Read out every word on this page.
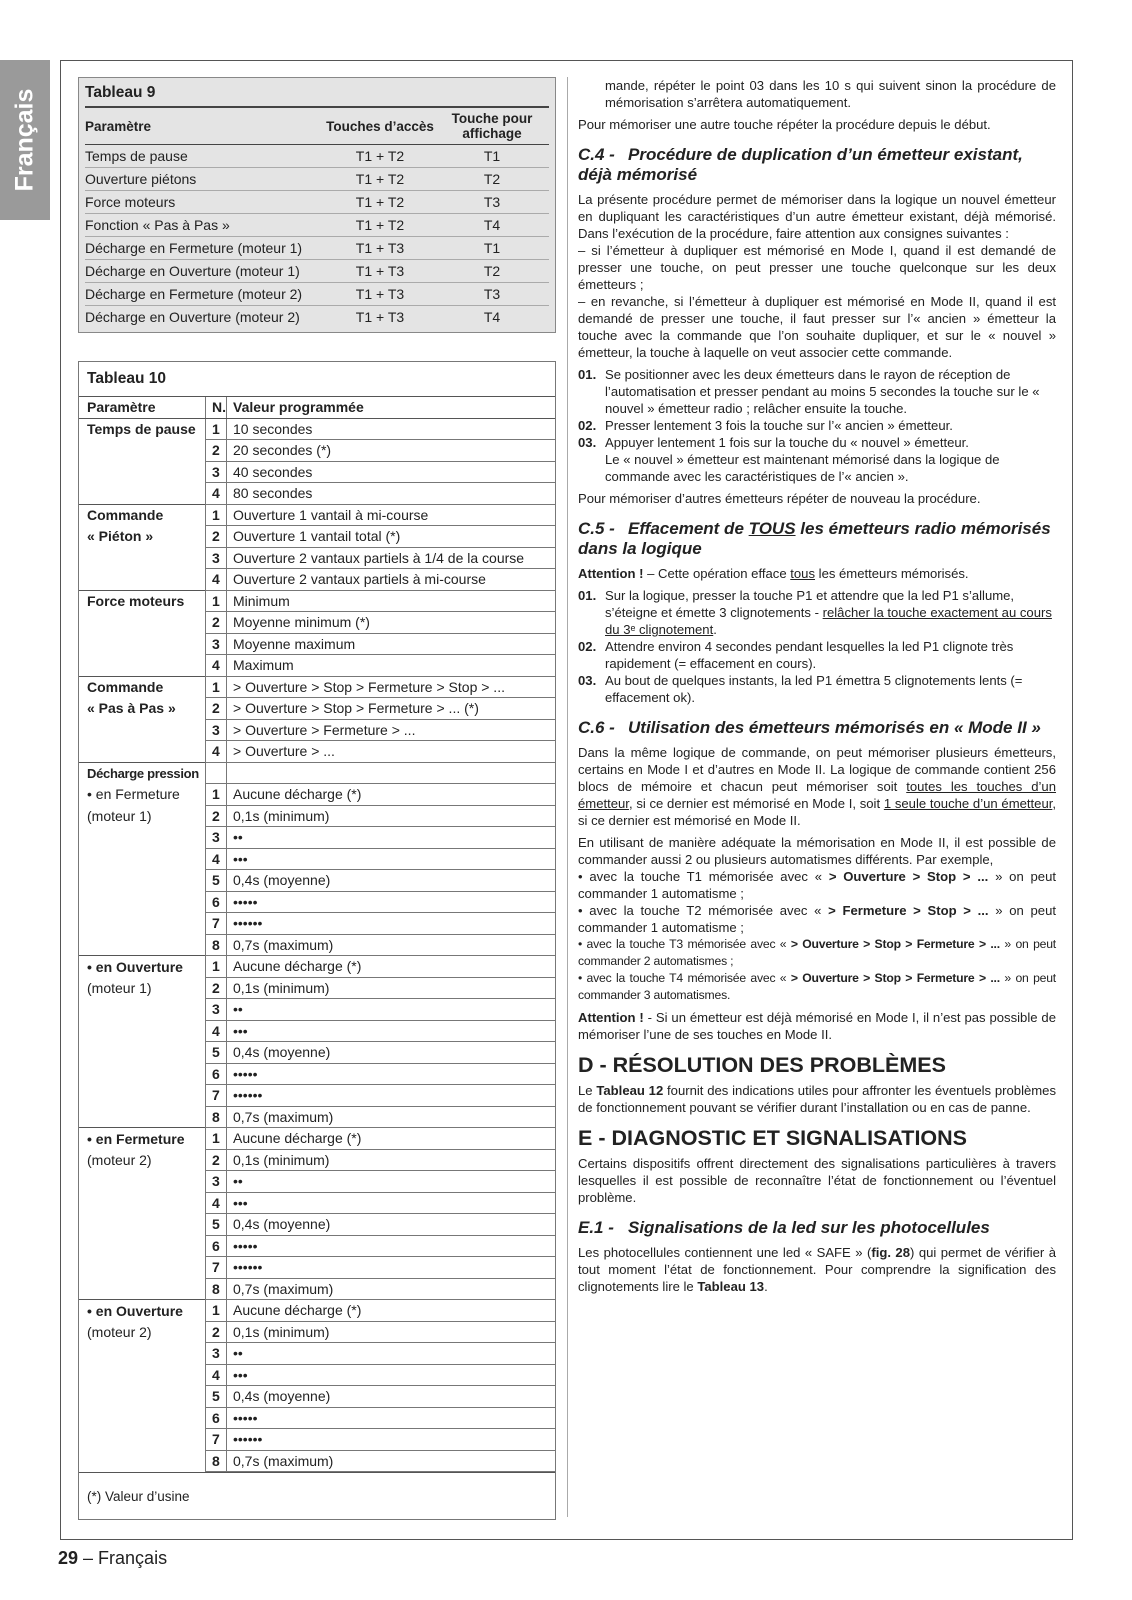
Français	Tableau 9
Paramètre	Touches d’accès	Touche pour affichage
Temps de pause	T1 + T2	T1
Ouverture piétons	T1 + T2	T2
Force moteurs	T1 + T2	T3
Fonction « Pas à Pas »	T1 + T2	T4
Décharge en Fermeture (moteur 1)	T1 + T3	T1
Décharge en Ouverture (moteur 1)	T1 + T3	T2
Décharge en Fermeture (moteur 2)	T1 + T3	T3
Décharge en Ouverture (moteur 2)	T1 + T3	T4
Tableau 10
Paramètre	N.	Valeur programmée
Temps de pause	1	10 secondes
	2	20 secondes (*)
	3	40 secondes
	4	80 secondes
Commande	1	Ouverture 1 vantail à mi-course
« Piéton »	2	Ouverture 1 vantail total (*)
	3	Ouverture 2 vantaux partiels à 1/4 de la course
	4	Ouverture 2 vantaux partiels à mi-course
Force moteurs	1	Minimum
	2	Moyenne minimum (*)
	3	Moyenne maximum
	4	Maximum
Commande	1	> Ouverture > Stop > Fermeture > Stop > ...
« Pas à Pas »	2	> Ouverture > Stop > Fermeture > ... (*)
	3	> Ouverture > Fermeture > ...
	4	> Ouverture > ...
Décharge pression		
• en Fermeture	1	Aucune décharge (*)
(moteur 1)	2	0,1s (minimum)
	3	••
	4	•••
	5	0,4s (moyenne)
	6	•••••
	7	••••••
	8	0,7s (maximum)
• en Ouverture	1	Aucune décharge (*)
(moteur 1)	2	0,1s (minimum)
	3	••
	4	•••
	5	0,4s (moyenne)
	6	•••••
	7	••••••
	8	0,7s (maximum)
• en Fermeture	1	Aucune décharge (*)
(moteur 2)	2	0,1s (minimum)
	3	••
	4	•••
	5	0,4s (moyenne)
	6	•••••
	7	••••••
	8	0,7s (maximum)
• en Ouverture	1	Aucune décharge (*)
(moteur 2)	2	0,1s (minimum)
	3	••
	4	•••
	5	0,4s (moyenne)
	6	•••••
	7	••••••
	8	0,7s (maximum)
(*) Valeur d’usine

mande, répéter le point 03 dans les 10 s qui suivent sinon la procédure de mémorisation s’arrêtera automatiquement.

Pour mémoriser une autre touche répéter la procédure depuis le début.

C.4 - Procédure de duplication d’un émetteur existant, déjà mémorisé

La présente procédure permet de mémoriser dans la logique un nouvel émetteur en dupliquant les caractéristiques d’un autre émetteur existant, déjà mémorisé. Dans l’exécution de la procédure, faire attention aux consignes suivantes :

– si l’émetteur à dupliquer est mémorisé en Mode I, quand il est demandé de presser une touche, on peut presser une touche quelconque sur les deux émetteurs ;

– en revanche, si l’émetteur à dupliquer est mémorisé en Mode II, quand il est demandé de presser une touche, il faut presser sur l’« ancien » émetteur la touche avec la commande que l’on souhaite dupliquer, et sur le « nouvel » émetteur, la touche à laquelle on veut associer cette commande.

01. Se positionner avec les deux émetteurs dans le rayon de réception de l’automatisation et presser pendant au moins 5 secondes la touche sur le « nouvel » émetteur radio ; relâcher ensuite la touche.
02. Presser lentement 3 fois la touche sur l’« ancien » émetteur.
03. Appuyer lentement 1 fois sur la touche du « nouvel » émetteur.
Le « nouvel » émetteur est maintenant mémorisé dans la logique de commande avec les caractéristiques de l’« ancien ».

Pour mémoriser d’autres émetteurs répéter de nouveau la procédure.

C.5 - Effacement de TOUS les émetteurs radio mémorisés dans la logique

Attention ! – Cette opération efface tous les émetteurs mémorisés.

01. Sur la logique, presser la touche P1 et attendre que la led P1 s’allume, s’éteigne et émette 3 clignotements - relâcher la touche exactement au cours du 3ᵉ clignotement.
02. Attendre environ 4 secondes pendant lesquelles la led P1 clignote très rapidement (= effacement en cours).
03. Au bout de quelques instants, la led P1 émettra 5 clignotements lents (= effacement ok).
C.6 - Utilisation des émetteurs mémorisés en « Mode II »

Dans la même logique de commande, on peut mémoriser plusieurs émetteurs, certains en Mode I et d’autres en Mode II. La logique de commande contient 256 blocs de mémoire et chacun peut mémoriser soit toutes les touches d’un émetteur, si ce dernier est mémorisé en Mode I, soit 1 seule touche d’un émetteur, si ce dernier est mémorisé en Mode II.

En utilisant de manière adéquate la mémorisation en Mode II, il est possible de commander aussi 2 ou plusieurs automatismes différents. Par exemple,

• avec la touche T1 mémorisée avec « > Ouverture > Stop > ... » on peut commander 1 automatisme ;

• avec la touche T2 mémorisée avec « > Fermeture > Stop > ... » on peut commander 1 automatisme ;

• avec la touche T3 mémorisée avec « > Ouverture > Stop > Fermeture > ... » on peut commander 2 automatismes ;

• avec la touche T4 mémorisée avec « > Ouverture > Stop > Fermeture > ... » on peut commander 3 automatismes.

Attention ! - Si un émetteur est déjà mémorisé en Mode I, il n’est pas possible de mémoriser l’une de ses touches en Mode II.

D - RÉSOLUTION DES PROBLÈMES

Le Tableau 12 fournit des indications utiles pour affronter les éventuels problèmes de fonctionnement pouvant se vérifier durant l’installation ou en cas de panne.

E - DIAGNOSTIC ET SIGNALISATIONS

Certains dispositifs offrent directement des signalisations particulières à travers lesquelles il est possible de reconnaître l’état de fonctionnement ou l’éventuel problème.

E.1 - Signalisations de la led sur les photocellules

Les photocellules contiennent une led « SAFE » (fig. 28) qui permet de vérifier à tout moment l’état de fonctionnement. Pour comprendre la signification des clignotements lire le Tableau 13.

29 – Français
